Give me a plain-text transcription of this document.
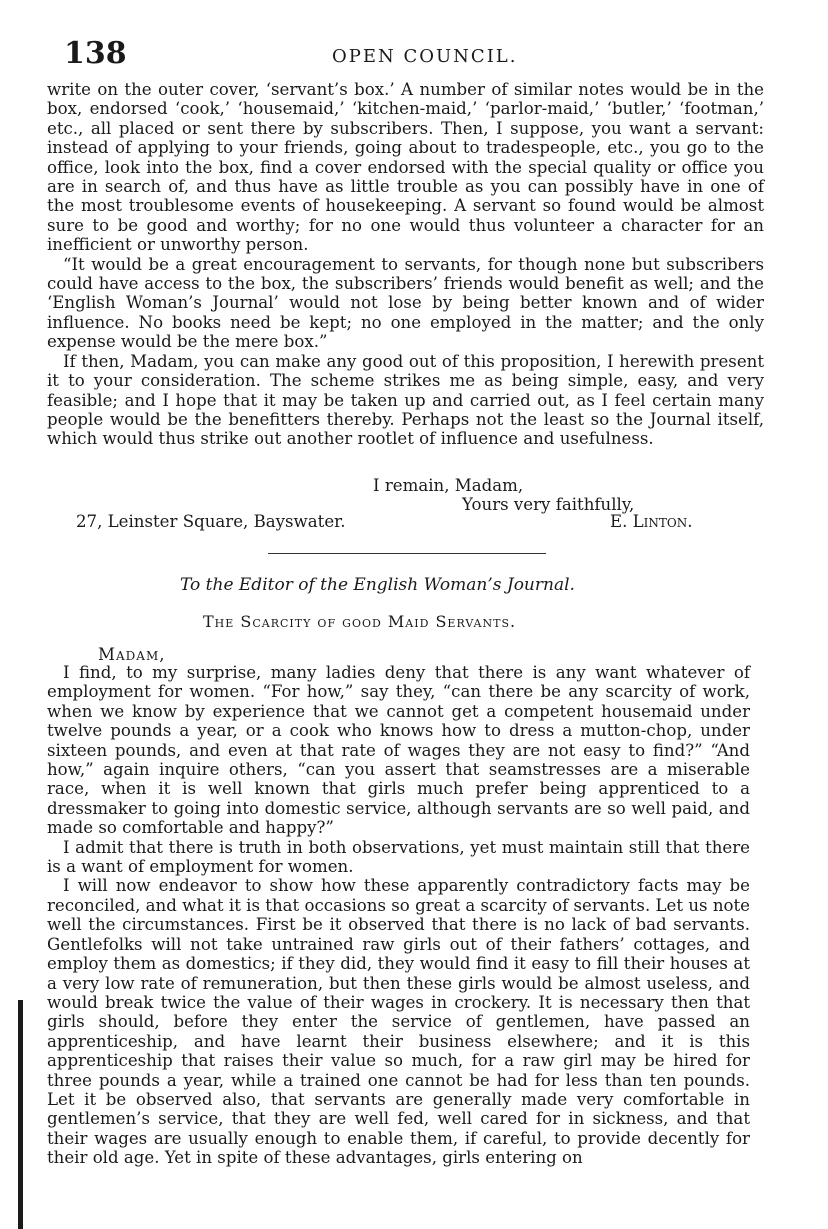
138	OPEN COUNCIL.

write on the outer cover, ‘servant’s box.’ A number of similar notes would be in the box, endorsed ‘cook,’ ‘housemaid,’ ‘kitchen-maid,’ ‘parlor-maid,’ ‘butler,’ ‘footman,’ etc., all placed or sent there by subscribers. Then, I suppose, you want a servant: instead of applying to your friends, going about to tradespeople, etc., you go to the office, look into the box, find a cover endorsed with the special quality or office you are in search of, and thus have as little trouble as you can possibly have in one of the most troublesome events of housekeeping. A servant so found would be almost sure to be good and worthy; for no one would thus volunteer a character for an inefficient or unworthy person.

“It would be a great encouragement to servants, for though none but subscribers could have access to the box, the subscribers’ friends would benefit as well; and the ‘English Woman’s Journal’ would not lose by being better known and of wider influence. No books need be kept; no one employed in the matter; and the only expense would be the mere box.”

If then, Madam, you can make any good out of this proposition, I herewith present it to your consideration. The scheme strikes me as being simple, easy, and very feasible; and I hope that it may be taken up and carried out, as I feel certain many people would be the benefitters thereby. Perhaps not the least so the Journal itself, which would thus strike out another rootlet of influence and usefulness.

I remain, Madam,
Yours very faithfully,
27, Leinster Square, Bayswater.	E. Linton.
To the Editor of the English Woman’s Journal.
The Scarcity of good Maid Servants.
Madam,

I find, to my surprise, many ladies deny that there is any want whatever of employment for women. “For how,” say they, “can there be any scarcity of work, when we know by experience that we cannot get a competent housemaid under twelve pounds a year, or a cook who knows how to dress a mutton-chop, under sixteen pounds, and even at that rate of wages they are not easy to find?” “And how,” again inquire others, “can you assert that seamstresses are a miserable race, when it is well known that girls much prefer being apprenticed to a dressmaker to going into domestic service, although servants are so well paid, and made so comfortable and happy?”

I admit that there is truth in both observations, yet must maintain still that there is a want of employment for women.

I will now endeavor to show how these apparently contradictory facts may be reconciled, and what it is that occasions so great a scarcity of servants. Let us note well the circumstances. First be it observed that there is no lack of bad servants. Gentlefolks will not take untrained raw girls out of their fathers’ cottages, and employ them as domestics; if they did, they would find it easy to fill their houses at a very low rate of remuneration, but then these girls would be almost useless, and would break twice the value of their wages in crockery. It is necessary then that girls should, before they enter the service of gentlemen, have passed an apprenticeship, and have learnt their business elsewhere; and it is this apprenticeship that raises their value so much, for a raw girl may be hired for three pounds a year, while a trained one cannot be had for less than ten pounds. Let it be observed also, that servants are generally made very comfortable in gentlemen’s service, that they are well fed, well cared for in sickness, and that their wages are usually enough to enable them, if careful, to provide decently for their old age. Yet in spite of these advantages, girls entering on
